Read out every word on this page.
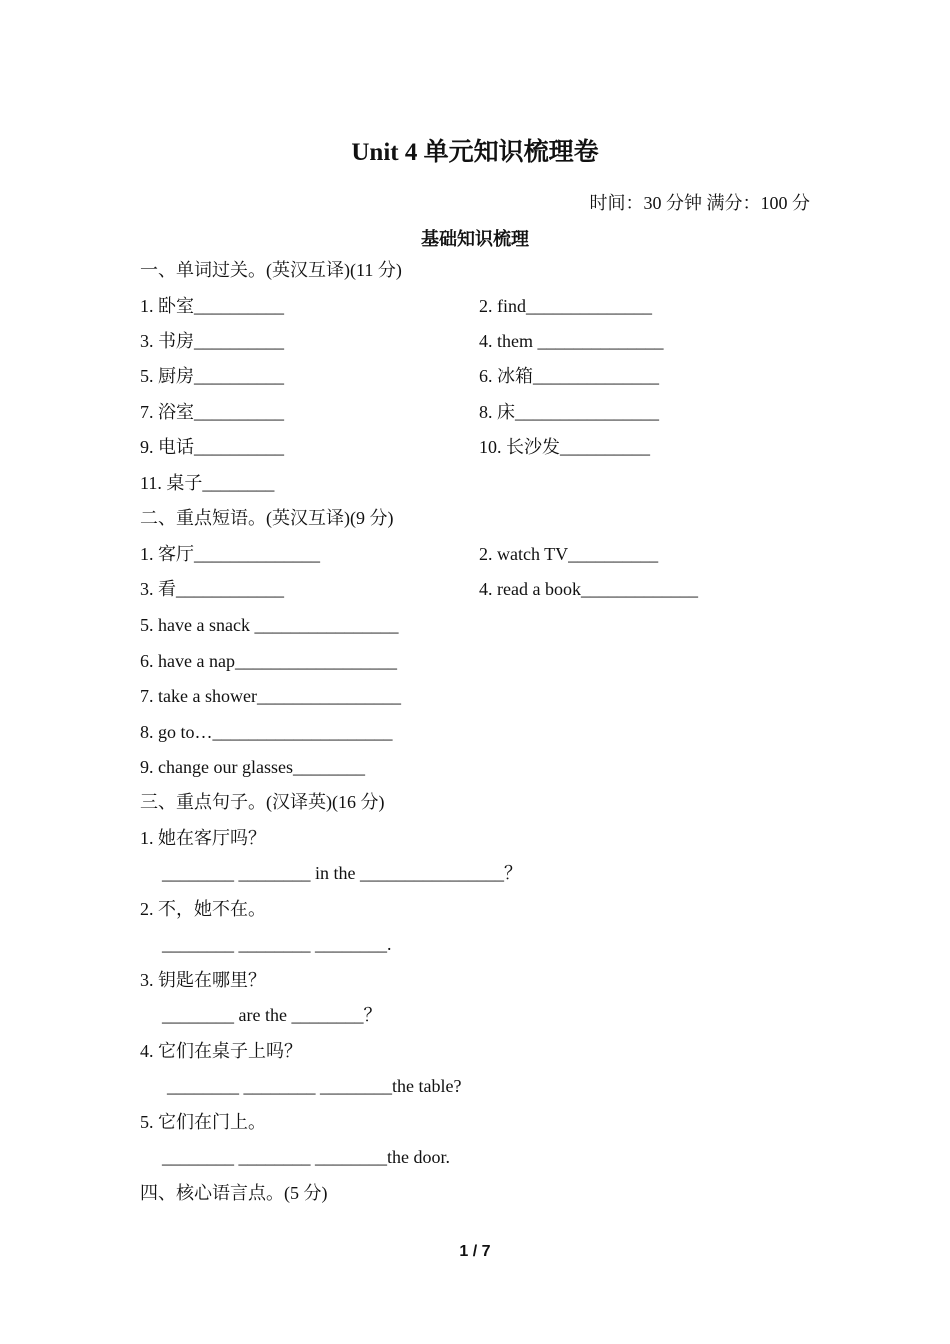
Unit 4 单元知识梳理卷
时间：30 分钟 满分：100 分
基础知识梳理
一、单词过关。(英汉互译)(11 分)
1. 卧室__________	2. find______________
3. 书房__________	4. them ______________
5. 厨房__________	6. 冰箱______________
7. 浴室__________	8. 床________________
9. 电话__________	10. 长沙发__________
11. 桌子________
二、重点短语。(英汉互译)(9 分)
1. 客厅______________	2. watch TV__________
3. 看____________	4. read a book_____________
5. have a snack ________________
6. have a nap__________________
7. take a shower________________
8. go to…____________________
9. change our glasses________
三、重点句子。(汉译英)(16 分)
1. 她在客厅吗？
________ ________ in the ________________？
2. 不，她不在。
________ ________ ________.
3. 钥匙在哪里？
________ are the ________？
4. 它们在桌子上吗？
________ ________ ________the table?
5. 它们在门上。
________ ________ ________the door.
四、核心语言点。(5 分)
1 / 7
